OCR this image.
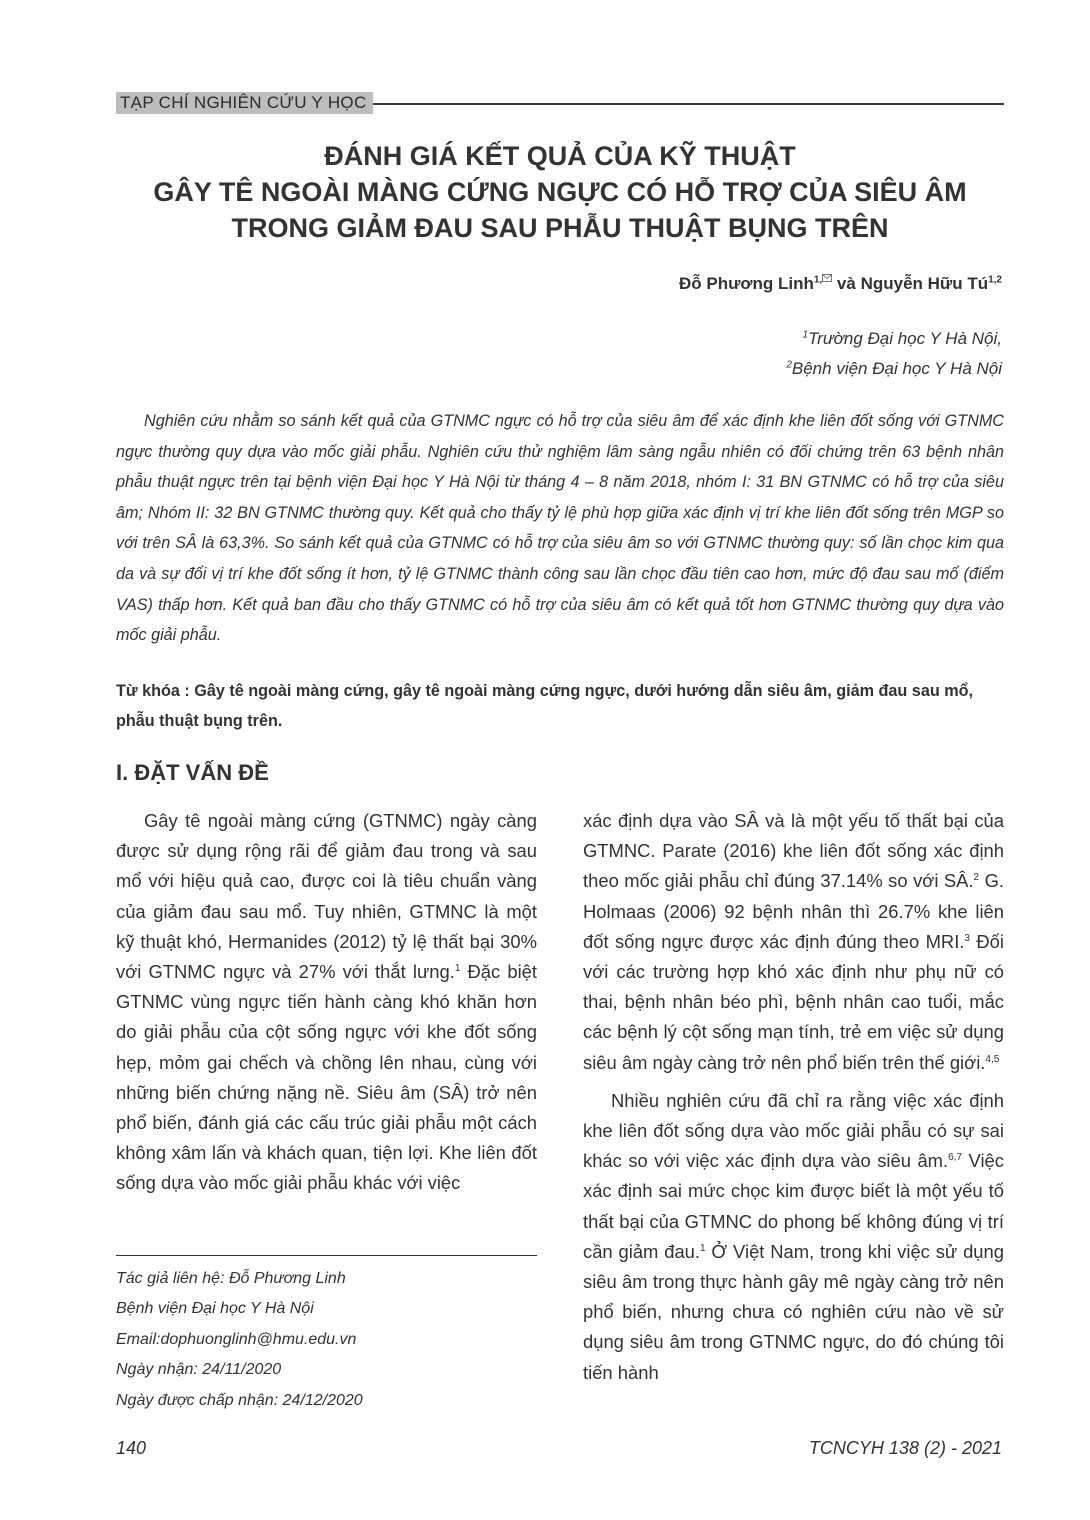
TẠP CHÍ NGHIÊN CỨU Y HỌC
ĐÁNH GIÁ KẾT QUẢ CỦA KỸ THUẬT
GÂY TÊ NGOÀI MÀNG CỨNG NGỰC CÓ HỖ TRỢ CỦA SIÊU ÂM
TRONG GIẢM ĐAU SAU PHẪU THUẬT BỤNG TRÊN
Đỗ Phương Linh$^{1,}$ và Nguyễn Hữu Tú$^{1,2}$
$^1$Trường Đại học Y Hà Nội,
$^2$Bệnh viện Đại học Y Hà Nội
Nghiên cứu nhằm so sánh kết quả của GTNMC ngực có hỗ trợ của siêu âm để xác định khe liên đốt sống với GTNMC ngực thường quy dựa vào mốc giải phẫu. Nghiên cứu thử nghiệm lâm sàng ngẫu nhiên có đối chứng trên 63 bệnh nhân phẫu thuật ngực trên tại bệnh viện Đại học Y Hà Nội từ tháng 4 – 8 năm 2018, nhóm I: 31 BN GTNMC có hỗ trợ của siêu âm; Nhóm II: 32 BN GTNMC thường quy. Kết quả cho thấy tỷ lệ phù hợp giữa xác định vị trí khe liên đốt sống trên MGP so với trên SÂ là 63,3%. So sánh kết quả của GTNMC có hỗ trợ của siêu âm so với GTNMC thường quy: số lần chọc kim qua da và sự đổi vị trí khe đốt sống ít hơn, tỷ lệ GTNMC thành công sau lần chọc đầu tiên cao hơn, mức độ đau sau mổ (điểm VAS) thấp hơn. Kết quả ban đầu cho thấy GTNMC có hỗ trợ của siêu âm có kết quả tốt hơn GTNMC thường quy dựa vào mốc giải phẫu.
Từ khóa : Gây tê ngoài màng cứng, gây tê ngoài màng cứng ngực, dưới hướng dẫn siêu âm, giảm đau sau mổ, phẫu thuật bụng trên.
I. ĐẶT VẤN ĐỀ

Gây tê ngoài màng cứng (GTNMC) ngày càng được sử dụng rộng rãi để giảm đau trong và sau mổ với hiệu quả cao, được coi là tiêu chuẩn vàng của giảm đau sau mổ. Tuy nhiên, GTMNC là một kỹ thuật khó, Hermanides (2012) tỷ lệ thất bại 30% với GTNMC ngực và 27% với thắt lưng.$^1$ Đặc biệt GTNMC vùng ngực tiến hành càng khó khăn hơn do giải phẫu của cột sống ngực với khe đốt sống hẹp, mỏm gai chếch và chồng lên nhau, cùng với những biến chứng nặng nề. Siêu âm (SÂ) trở nên phổ biến, đánh giá các cấu trúc giải phẫu một cách không xâm lấn và khách quan, tiện lợi. Khe liên đốt sống dựa vào mốc giải phẫu khác với việc

xác định dựa vào SÂ và là một yếu tố thất bại của GTMNC. Parate (2016) khe liên đốt sống xác định theo mốc giải phẫu chỉ đúng 37.14% so với SÂ.$^2$ G. Holmaas (2006) 92 bệnh nhân thì 26.7% khe liên đốt sống ngực được xác định đúng theo MRI.$^3$ Đối với các trường hợp khó xác định như phụ nữ có thai, bệnh nhân béo phì, bệnh nhân cao tuổi, mắc các bệnh lý cột sống mạn tính, trẻ em việc sử dụng siêu âm ngày càng trở nên phổ biến trên thế giới.$^{4,5}$

Nhiều nghiên cứu đã chỉ ra rằng việc xác định khe liên đốt sống dựa vào mốc giải phẫu có sự sai khác so với việc xác định dựa vào siêu âm.$^{6,7}$ Việc xác định sai mức chọc kim được biết là một yếu tố thất bại của GTMNC do phong bế không đúng vị trí cần giảm đau.$^1$ Ở Việt Nam, trong khi việc sử dụng siêu âm trong thực hành gây mê ngày càng trở nên phổ biến, nhưng chưa có nghiên cứu nào về sử dụng siêu âm trong GTNMC ngực, do đó chúng tôi tiến hành

Tác giả liên hệ: Đỗ Phương Linh
Bệnh viện Đại học Y Hà Nội
Email:dophuonglinh@hmu.edu.vn
Ngày nhận: 24/11/2020
Ngày được chấp nhận: 24/12/2020
140	TCNCYH 138 (2) - 2021
